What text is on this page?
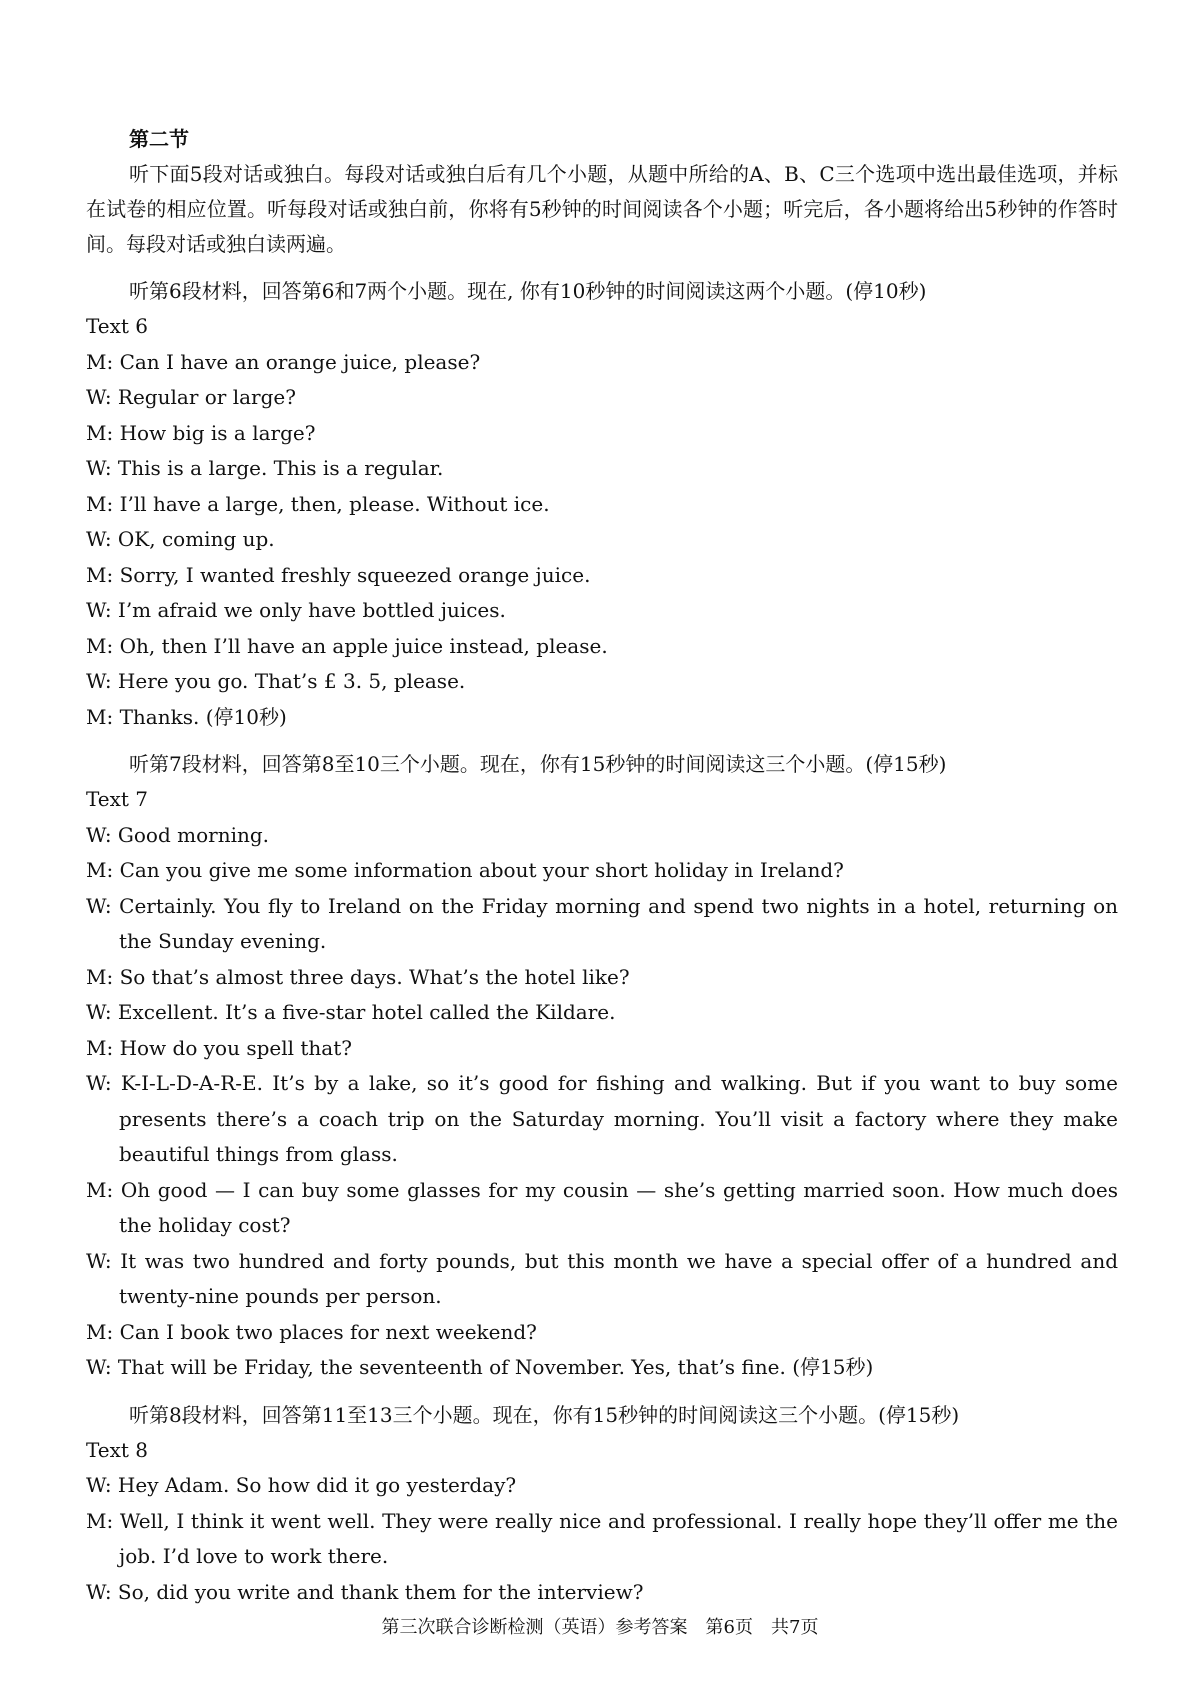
第二节
听下面5段对话或独白。每段对话或独白后有几个小题，从题中所给的A、B、C三个选项中选出最佳选项，并标在试卷的相应位置。听每段对话或独白前，你将有5秒钟的时间阅读各个小题；听完后，各小题将给出5秒钟的作答时间。每段对话或独白读两遍。
听第6段材料，回答第6和7两个小题。现在, 你有10秒钟的时间阅读这两个小题。(停10秒)
Text 6
M: Can I have an orange juice, please?
W: Regular or large?
M: How big is a large?
W: This is a large. This is a regular.
M: I’ll have a large, then, please. Without ice.
W: OK, coming up.
M: Sorry, I wanted freshly squeezed orange juice.
W: I’m afraid we only have bottled juices.
M: Oh, then I’ll have an apple juice instead, please.
W: Here you go. That’s £ 3. 5, please.
M: Thanks. (停10秒)
听第7段材料，回答第8至10三个小题。现在，你有15秒钟的时间阅读这三个小题。(停15秒)
Text 7
W: Good morning.
M: Can you give me some information about your short holiday in Ireland?
W: Certainly. You fly to Ireland on the Friday morning and spend two nights in a hotel, returning on the Sunday evening.
M: So that’s almost three days. What’s the hotel like?
W: Excellent. It’s a five-star hotel called the Kildare.
M: How do you spell that?
W: K-I-L-D-A-R-E. It’s by a lake, so it’s good for fishing and walking. But if you want to buy some presents there’s a coach trip on the Saturday morning. You’ll visit a factory where they make beautiful things from glass.
M: Oh good — I can buy some glasses for my cousin — she’s getting married soon. How much does the holiday cost?
W: It was two hundred and forty pounds, but this month we have a special offer of a hundred and twenty-nine pounds per person.
M: Can I book two places for next weekend?
W: That will be Friday, the seventeenth of November. Yes, that’s fine. (停15秒)
听第8段材料，回答第11至13三个小题。现在，你有15秒钟的时间阅读这三个小题。(停15秒)
Text 8
W: Hey Adam. So how did it go yesterday?
M: Well, I think it went well. They were really nice and professional. I really hope they’ll offer me the job. I’d love to work there.
W: So, did you write and thank them for the interview?
第三次联合诊断检测（英语）参考答案　第6页　共7页
